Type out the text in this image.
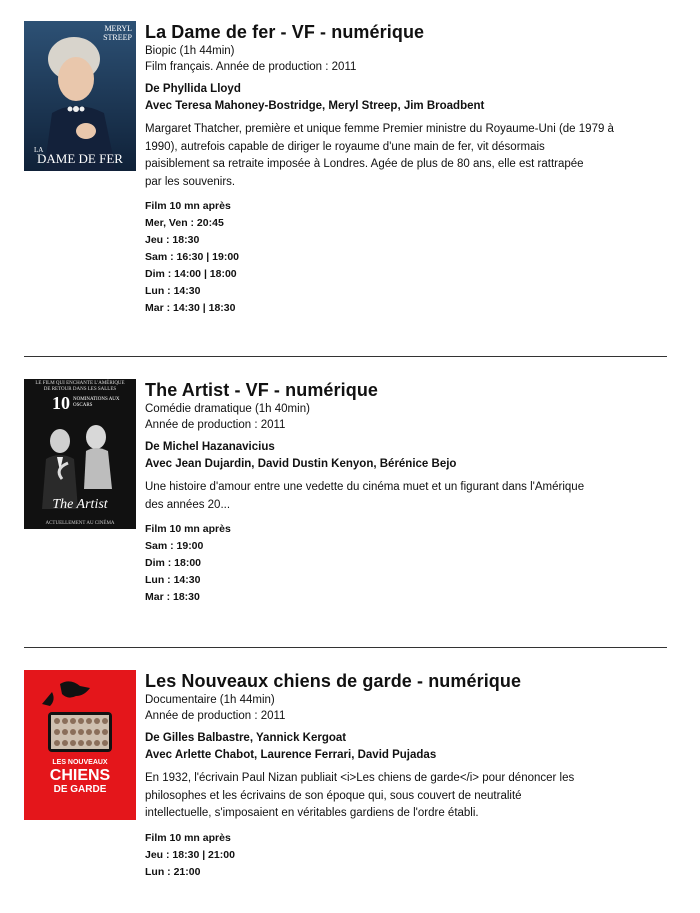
MERYL
STREEP
LA
DAME DE FER
La Dame de fer - VF - numérique

Biopic (1h 44min)

Film français. Année de production : 2011

De Phyllida Lloyd

Avec Teresa Mahoney-Bostridge, Meryl Streep, Jim Broadbent

Margaret Thatcher, première et unique femme Premier ministre du Royaume-Uni (de 1979 à
1990), autrefois capable de diriger le royaume d'une main de fer, vit désormais
paisiblement sa retraite imposée à Londres. Agée de plus de 80 ans, elle est rattrapée
par les souvenirs.

Film 10 mn après

Mer, Ven : 20:45

Jeu : 18:30

Sam : 16:30 | 19:00

Dim : 14:00 | 18:00

Lun : 14:30

Mar : 14:30 | 18:30

LE FILM QUI ENCHANTE L'AMÉRIQUE
DE RETOUR DANS LES SALLES
10 NOMINATIONS AUX OSCARS
The Artist
ACTUELLEMENT AU CINÉMA
The Artist - VF - numérique

Comédie dramatique (1h 40min)

Année de production : 2011

De Michel Hazanavicius

Avec Jean Dujardin, David Dustin Kenyon, Bérénice Bejo

Une histoire d'amour entre une vedette du cinéma muet et un figurant dans l'Amérique
des années 20...

Film 10 mn après

Sam : 19:00

Dim : 18:00

Lun : 14:30

Mar : 18:30

LES NOUVEAUX
CHIENS
DE GARDE
Les Nouveaux chiens de garde - numérique

Documentaire (1h 44min)

Année de production : 2011

De Gilles Balbastre, Yannick Kergoat

Avec Arlette Chabot, Laurence Ferrari, David Pujadas

En 1932, l'écrivain Paul Nizan publiait <i>Les chiens de garde</i> pour dénoncer les
philosophes et les écrivains de son époque qui, sous couvert de neutralité
intellectuelle, s'imposaient en véritables gardiens de l'ordre établi.

Film 10 mn après

Jeu : 18:30 | 21:00

Lun : 21:00
